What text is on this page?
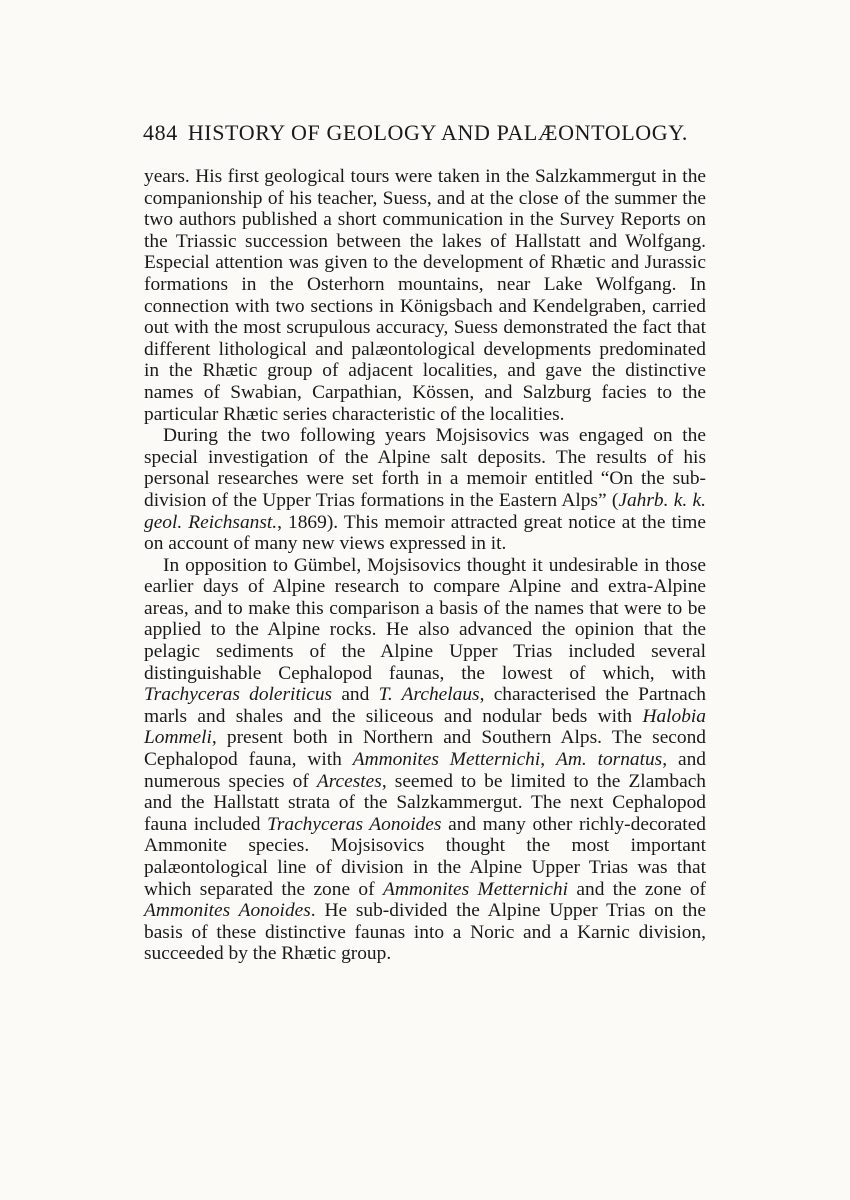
484 HISTORY OF GEOLOGY AND PALÆONTOLOGY.

years. His first geological tours were taken in the Salzkammergut in the companionship of his teacher, Suess, and at the close of the summer the two authors published a short communication in the Survey Reports on the Triassic succession between the lakes of Hallstatt and Wolfgang. Especial attention was given to the development of Rhætic and Jurassic formations in the Osterhorn mountains, near Lake Wolfgang. In connection with two sections in Königsbach and Kendelgraben, carried out with the most scrupulous accuracy, Suess demonstrated the fact that different lithological and palæontological developments predominated in the Rhætic group of adjacent localities, and gave the distinctive names of Swabian, Carpathian, Kössen, and Salzburg facies to the particular Rhætic series characteristic of the localities.

During the two following years Mojsisovics was engaged on the special investigation of the Alpine salt deposits. The results of his personal researches were set forth in a memoir entitled “On the sub-division of the Upper Trias formations in the Eastern Alps” (Jahrb. k. k. geol. Reichsanst., 1869). This memoir attracted great notice at the time on account of many new views expressed in it.

In opposition to Gümbel, Mojsisovics thought it undesirable in those earlier days of Alpine research to compare Alpine and extra-Alpine areas, and to make this comparison a basis of the names that were to be applied to the Alpine rocks. He also advanced the opinion that the pelagic sediments of the Alpine Upper Trias included several distinguishable Cephalopod faunas, the lowest of which, with Trachyceras doleriticus and T. Archelaus, characterised the Partnach marls and shales and the siliceous and nodular beds with Halobia Lommeli, present both in Northern and Southern Alps. The second Cephalopod fauna, with Ammonites Metternichi, Am. tornatus, and numerous species of Arcestes, seemed to be limited to the Zlambach and the Hallstatt strata of the Salzkammergut. The next Cephalopod fauna included Trachyceras Aonoides and many other richly-decorated Ammonite species. Mojsisovics thought the most important palæontological line of division in the Alpine Upper Trias was that which separated the zone of Ammonites Metternichi and the zone of Ammonites Aonoides. He sub-divided the Alpine Upper Trias on the basis of these distinctive faunas into a Noric and a Karnic division, succeeded by the Rhætic group.
